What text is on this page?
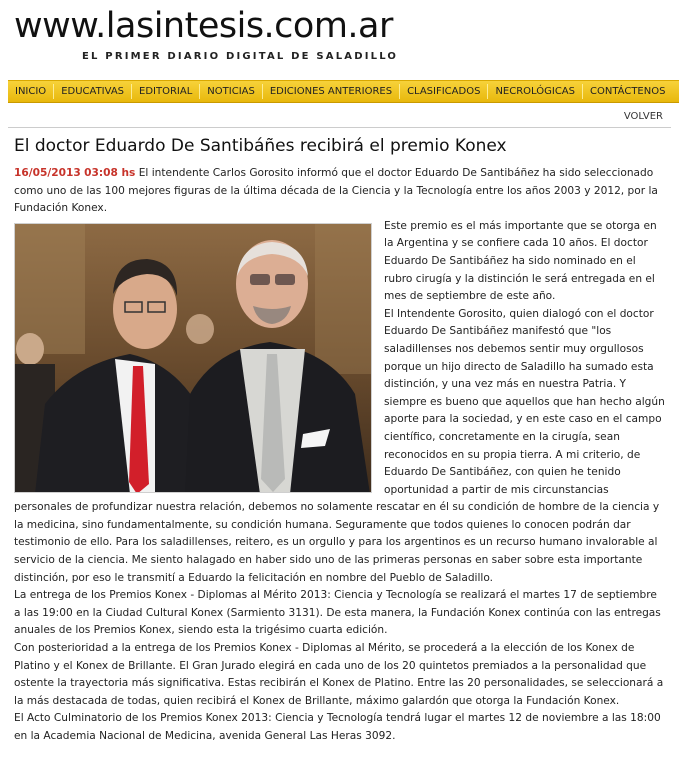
www.lasintesis.com.ar
EL PRIMER DIARIO DIGITAL DE SALADILLO
INICIO	EDUCATIVAS	EDITORIAL	NOTICIAS	EDICIONES ANTERIORES	CLASIFICADOS	NECROLÓGICAS	CONTÁCTENOS
VOLVER
El doctor Eduardo De Santibáñes recibirá el premio Konex

16/05/2013 03:08 hs El intendente Carlos Gorosito informó que el doctor Eduardo De Santibáñez ha sido seleccionado como uno de las 100 mejores figuras de la última década de la Ciencia y la Tecnología entre los años 2003 y 2012, por la Fundación Konex.

Este premio es el más importante que se otorga en la Argentina y se confiere cada 10 años. El doctor Eduardo De Santibáñez ha sido nominado en el rubro cirugía y la distinción le será entregada en el mes de septiembre de este año.

El Intendente Gorosito, quien dialogó con el doctor Eduardo De Santibáñez manifestó que "los saladillenses nos debemos sentir muy orgullosos porque un hijo directo de Saladillo ha sumado esta distinción, y una vez más en nuestra Patria. Y siempre es bueno que aquellos que han hecho algún aporte para la sociedad, y en este caso en el campo científico, concretamente en la cirugía, sean reconocidos en su propia tierra. A mi criterio, de Eduardo De Santibáñez, con quien he tenido oportunidad a partir de mis circunstancias personales de profundizar nuestra relación, debemos no solamente rescatar en él su condición de hombre de la ciencia y la medicina, sino fundamentalmente, su condición humana. Seguramente que todos quienes lo conocen podrán dar testimonio de ello. Para los saladillenses, reitero, es un orgullo y para los argentinos es un recurso humano invalorable al servicio de la ciencia. Me siento halagado en haber sido uno de las primeras personas en saber sobre esta importante distinción, por eso le transmití a Eduardo la felicitación en nombre del Pueblo de Saladillo.

La entrega de los Premios Konex - Diplomas al Mérito 2013: Ciencia y Tecnología se realizará el martes 17 de septiembre a las 19:00 en la Ciudad Cultural Konex (Sarmiento 3131). De esta manera, la Fundación Konex continúa con las entregas anuales de los Premios Konex, siendo esta la trigésimo cuarta edición.

Con posterioridad a la entrega de los Premios Konex - Diplomas al Mérito, se procederá a la elección de los Konex de Platino y el Konex de Brillante. El Gran Jurado elegirá en cada uno de los 20 quintetos premiados a la personalidad que ostente la trayectoria más significativa. Estas recibirán el Konex de Platino. Entre las 20 personalidades, se seleccionará a la más destacada de todas, quien recibirá el Konex de Brillante, máximo galardón que otorga la Fundación Konex.

El Acto Culminatorio de los Premios Konex 2013: Ciencia y Tecnología tendrá lugar el martes 12 de noviembre a las 18:00 en la Academia Nacional de Medicina, avenida General Las Heras 3092.
